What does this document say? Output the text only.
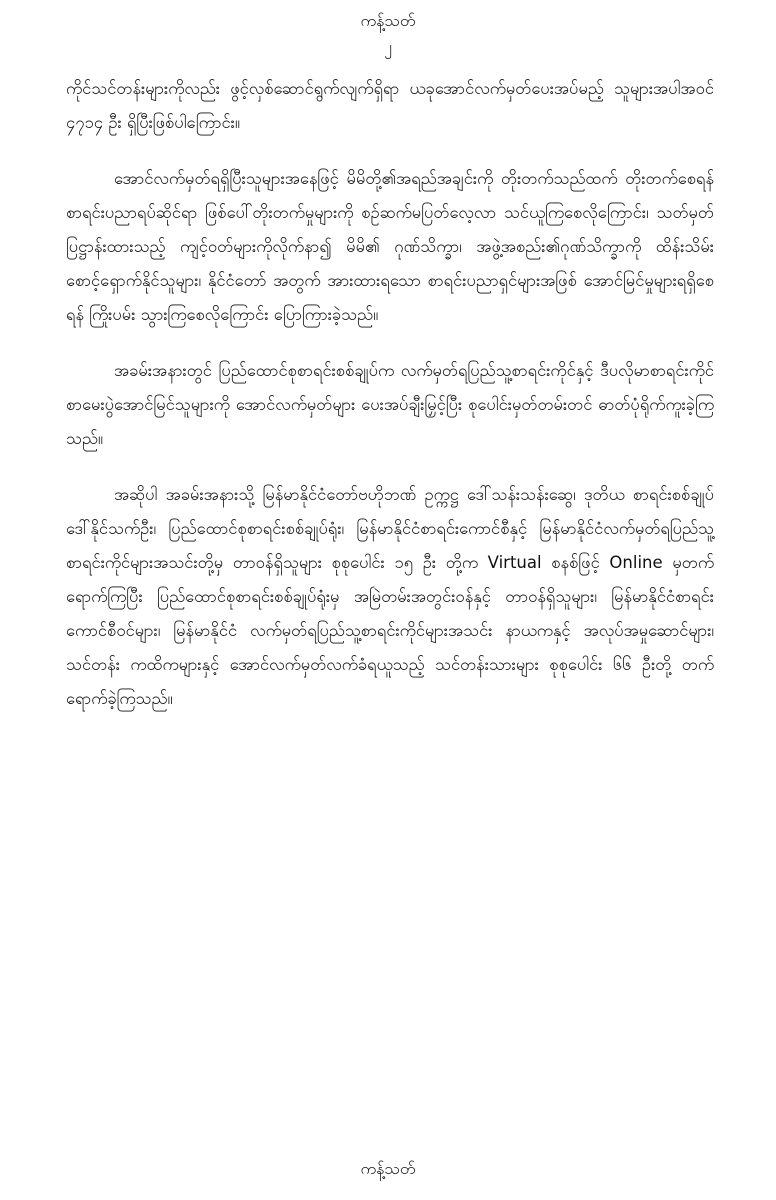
ကန့်သတ်
၂

ကိုင်သင်တန်းများကိုလည်း ဖွင့်လှစ်ဆောင်ရွက်လျက်ရှိရာ ယခုအောင်လက်မှတ်ပေးအပ်မည့် သူများအပါအဝင် ၄၇၁၄ ဦး ရှိပြီးဖြစ်ပါကြောင်း။

အောင်လက်မှတ်ရရှိပြီးသူများအနေဖြင့် မိမိတို့၏အရည်အချင်းကို တိုးတက်သည်ထက် တိုးတက်စေရန် စာရင်းပညာရပ်ဆိုင်ရာ ဖြစ်ပေါ်တိုးတက်မှုများကို စဉ်ဆက်မပြတ်လေ့လာ သင်ယူကြစေလိုကြောင်း၊ သတ်မှတ်ပြဋ္ဌာန်းထားသည့် ကျင့်ဝတ်များကိုလိုက်နာ၍ မိမိ၏ ဂုဏ်သိက္ခာ၊ အဖွဲ့အစည်း၏ဂုဏ်သိက္ခာကို ထိန်းသိမ်းစောင့်ရှောက်နိုင်သူများ၊ နိုင်ငံတော် အတွက် အားထားရသော စာရင်းပညာရှင်များအဖြစ် အောင်မြင်မှုများရရှိစေရန် ကြိုးပမ်း သွားကြစေလိုကြောင်း ပြောကြားခဲ့သည်။

အခမ်းအနားတွင် ပြည်ထောင်စုစာရင်းစစ်ချုပ်က လက်မှတ်ရပြည်သူ့စာရင်းကိုင်နှင့် ဒီပလိုမာစာရင်းကိုင် စာမေးပွဲအောင်မြင်သူများကို အောင်လက်မှတ်များ ပေးအပ်ချီးမြှင့်ပြီး စုပေါင်းမှတ်တမ်းတင် ဓာတ်ပုံရိုက်ကူးခဲ့ကြသည်။

အဆိုပါ အခမ်းအနားသို့ မြန်မာနိုင်ငံတော်ဗဟိုဘဏ် ဥက္ကဋ္ဌ ဒေါ်သန်းသန်းဆွေ၊ ဒုတိယ စာရင်းစစ်ချုပ် ဒေါ်နိုင်သက်ဦး၊ ပြည်ထောင်စုစာရင်းစစ်ချုပ်ရုံး၊ မြန်မာနိုင်ငံစာရင်းကောင်စီနှင့် မြန်မာနိုင်ငံလက်မှတ်ရပြည်သူ့စာရင်းကိုင်များအသင်းတို့မှ တာဝန်ရှိသူများ စုစုပေါင်း ၁၅ ဦး တို့က Virtual စနစ်ဖြင့် Online မှတက်ရောက်ကြပြီး ပြည်ထောင်စုစာရင်းစစ်ချုပ်ရုံးမှ အမြဲတမ်းအတွင်းဝန်နှင့် တာဝန်ရှိသူများ၊ မြန်မာနိုင်ငံစာရင်းကောင်စီဝင်များ၊ မြန်မာနိုင်ငံ လက်မှတ်ရပြည်သူ့စာရင်းကိုင်များအသင်း နာယကနှင့် အလုပ်အမှုဆောင်များ၊ သင်တန်း ကထိကများနှင့် အောင်လက်မှတ်လက်ခံရယူသည့် သင်တန်းသားများ စုစုပေါင်း ၆၆ ဦးတို့ တက်ရောက်ခဲ့ကြသည်။

ကန့်သတ်
